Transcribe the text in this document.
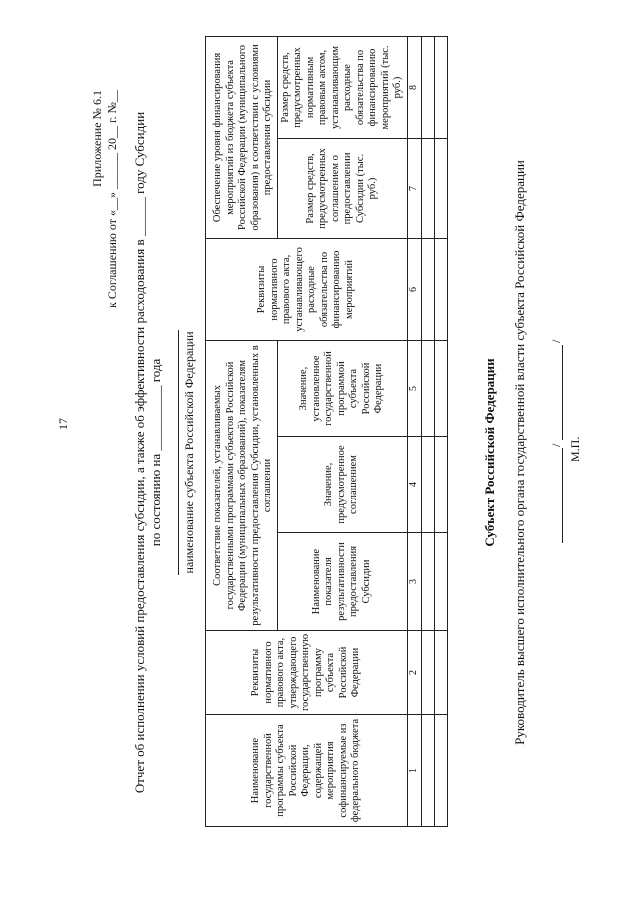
17
Приложение № 6.1 к Соглашению от «__» ______ 20__ г. №__ Отчет об исполнении условий предоставления субсидии, а также об эффективности расходования в ______ году Субсидии по состоянию на __________ года наименование субъекта Российской Федерации
Наименование государственной программы субъекта Российской Федерации, содержащей мероприятия софинансируемые из федерального бюджета	Реквизиты нормативного правового акта, утверждающего государственную программу субъекта Российской Федерации	Соответствие показателей, устанавливаемых государственными программами субъектов Российской Федерации (муниципальных образований), показателям результативности предоставления Субсидии, установленных в соглашении			Реквизиты нормативного правового акта, устанавливающего расходные обязательства по финансированию мероприятий	Обеспечение уровня финансирования мероприятий из бюджета субъекта Российской Федерации (муниципального образования) в соответствии с условиями предоставления субсидии	
		Наименование показателя результативности предоставления Субсидии	Значение, предусмотренное соглашением	Значение, установленное государственной программой субъекта Российской Федерации		Размер средств, предусмотренных соглашением о предоставлении Субсидии (тыс. руб.)	Размер средств, предусмотренных нормативным правовым актом, устанавливающим расходные обязательства по финансированию мероприятий (тыс. руб.)
1	2	3	4	5	6	7	8

Субъект Российской Федерации Руководитель высшего исполнительного органа государственной власти субъекта Российской Федерации /
/
М.П.
